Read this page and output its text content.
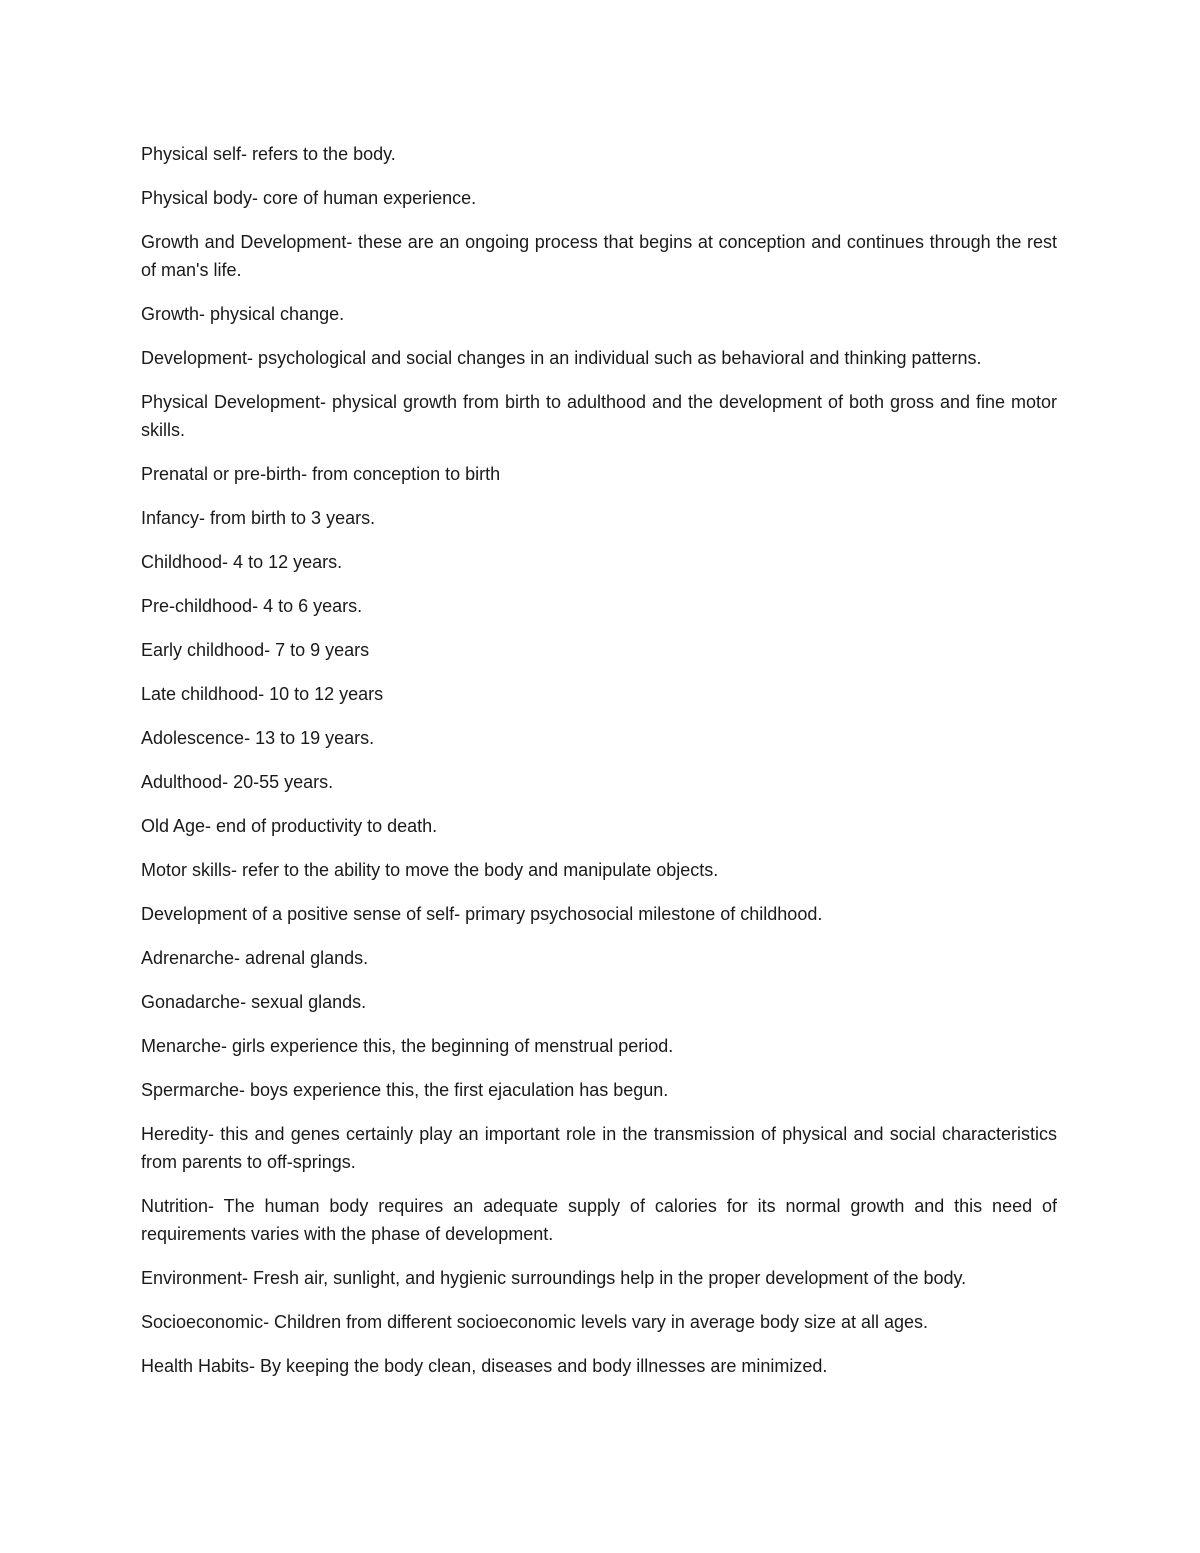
Physical self- refers to the body.

Physical body- core of human experience.

Growth and Development- these are an ongoing process that begins at conception and continues through the rest of man's life.

Growth- physical change.

Development- psychological and social changes in an individual such as behavioral and thinking patterns.

Physical Development- physical growth from birth to adulthood and the development of both gross and fine motor skills.

Prenatal or pre-birth- from conception to birth

Infancy- from birth to 3 years.

Childhood- 4 to 12 years.

Pre-childhood- 4 to 6 years.

Early childhood- 7 to 9 years

Late childhood- 10 to 12 years

Adolescence- 13 to 19 years.

Adulthood- 20-55 years.

Old Age- end of productivity to death.

Motor skills- refer to the ability to move the body and manipulate objects.

Development of a positive sense of self- primary psychosocial milestone of childhood.

Adrenarche- adrenal glands.

Gonadarche- sexual glands.

Menarche- girls experience this, the beginning of menstrual period.

Spermarche- boys experience this, the first ejaculation has begun.

Heredity- this and genes certainly play an important role in the transmission of physical and social characteristics from parents to off-springs.

Nutrition- The human body requires an adequate supply of calories for its normal growth and this need of requirements varies with the phase of development.

Environment- Fresh air, sunlight, and hygienic surroundings help in the proper development of the body.

Socioeconomic- Children from different socioeconomic levels vary in average body size at all ages.

Health Habits- By keeping the body clean, diseases and body illnesses are minimized.
